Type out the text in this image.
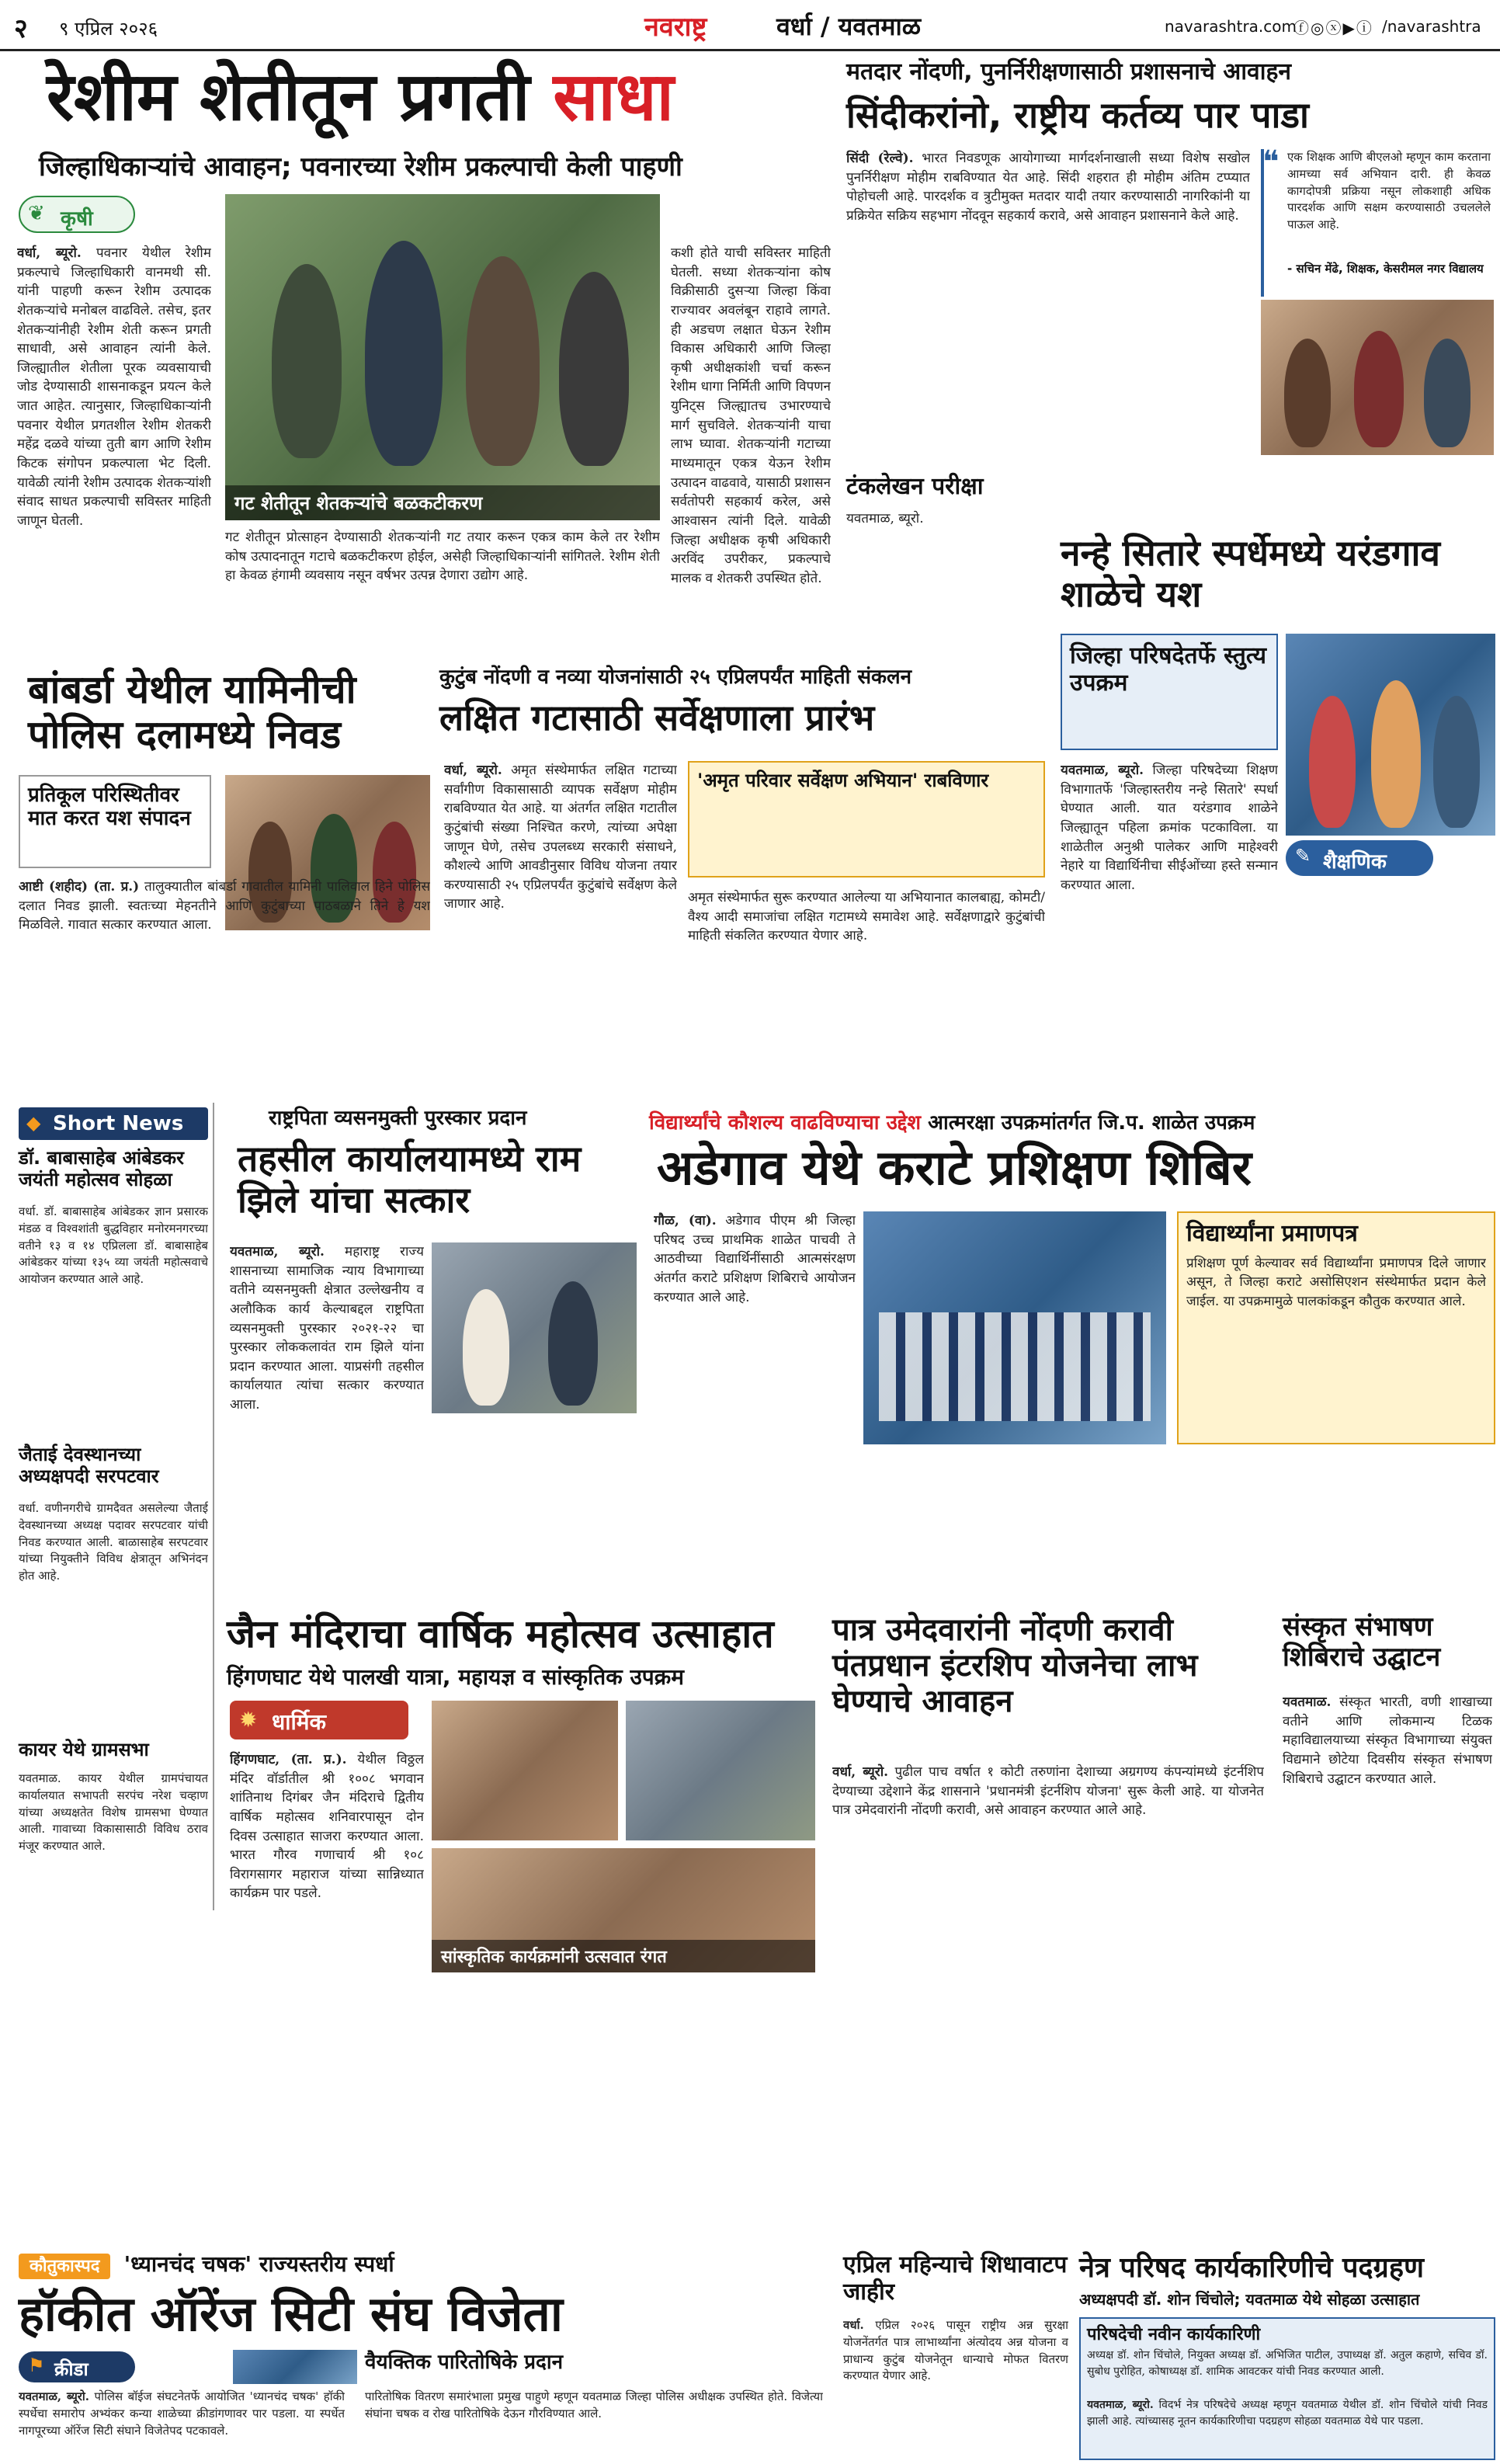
२ ९ एप्रिल २०२६	नवराष्ट्र	वर्धा / यवतमाळ	navarashtra.com
ⓕ◎ⓧ▶ⓘ /navarashtra
रेशीम शेतीतून प्रगती साधा
जिल्हाधिकाऱ्यांचे आवाहन; पवनारच्या रेशीम प्रकल्पाची केली पाहणी
❦ कृषी
वर्धा, ब्यूरो. पवनार येथील रेशीम प्रकल्पाचे जिल्हाधिकारी वानमथी सी. यांनी पाहणी करून रेशीम उत्पादक शेतकऱ्यांचे मनोबल वाढविले. तसेच, इतर शेतकऱ्यांनीही रेशीम शेती करून प्रगती साधावी, असे आवाहन त्यांनी केले. जिल्ह्यातील शेतीला पूरक व्यवसायाची जोड देण्यासाठी शासनाकडून प्रयत्न केले जात आहेत. त्यानुसार, जिल्हाधिकाऱ्यांनी पवनार येथील प्रगतशील रेशीम शेतकरी महेंद्र दळवे यांच्या तुती बाग आणि रेशीम किटक संगोपन प्रकल्पाला भेट दिली. यावेळी त्यांनी रेशीम उत्पादक शेतकऱ्यांशी संवाद साधत प्रकल्पाची सविस्तर माहिती जाणून घेतली.
गट शेतीतून शेतकऱ्यांचे बळकटीकरण
गट शेतीतून प्रोत्साहन देण्यासाठी शेतकऱ्यांनी गट तयार करून एकत्र काम केले तर रेशीम कोष उत्पादनातून गटाचे बळकटीकरण होईल, असेही जिल्हाधिकाऱ्यांनी सांगितले. रेशीम शेती हा केवळ हंगामी व्यवसाय नसून वर्षभर उत्पन्न देणारा उद्योग आहे.
कशी होते याची सविस्तर माहिती घेतली. सध्या शेतकऱ्यांना कोष विक्रीसाठी दुसऱ्या जिल्हा किंवा राज्यावर अवलंबून राहावे लागते. ही अडचण लक्षात घेऊन रेशीम विकास अधिकारी आणि जिल्हा कृषी अधीक्षकांशी चर्चा करून रेशीम धागा निर्मिती आणि विपणन युनिट्स जिल्ह्यातच उभारण्याचे मार्ग सुचविले. शेतकऱ्यांनी याचा लाभ घ्यावा. शेतकऱ्यांनी गटाच्या माध्यमातून एकत्र येऊन रेशीम उत्पादन वाढवावे, यासाठी प्रशासन सर्वतोपरी सहकार्य करेल, असे आश्वासन त्यांनी दिले. यावेळी जिल्हा अधीक्षक कृषी अधिकारी अरविंद उपरीकर, प्रकल्पाचे मालक व शेतकरी उपस्थित होते.
मतदार नोंदणी, पुनर्निरीक्षणासाठी प्रशासनाचे आवाहन
सिंदीकरांनो, राष्ट्रीय कर्तव्य पार पाडा
सिंदी (रेल्वे). भारत निवडणूक आयोगाच्या मार्गदर्शनाखाली सध्या विशेष सखोल पुनर्निरीक्षण मोहीम राबविण्यात येत आहे. सिंदी शहरात ही मोहीम अंतिम टप्प्यात पोहोचली आहे. पारदर्शक व त्रुटीमुक्त मतदार यादी तयार करण्यासाठी नागरिकांनी या प्रक्रियेत सक्रिय सहभाग नोंदवून सहकार्य करावे, असे आवाहन प्रशासनाने केले आहे.
❝ एक शिक्षक आणि बीएलओ म्हणून काम करताना आमच्या सर्व अभियान दारी. ही केवळ कागदोपत्री प्रक्रिया नसून लोकशाही अधिक पारदर्शक आणि सक्षम करण्यासाठी उचललेले पाऊल आहे.
- सचिन मेंढे, शिक्षक, केसरीमल नगर विद्यालय
टंकलेखन परीक्षा
यवतमाळ, ब्यूरो.
नन्हे सितारे स्पर्धेमध्ये यरंडगाव शाळेचे यश
जिल्हा परिषदेतर्फे स्तुत्य उपक्रम
✎ शैक्षणिक
यवतमाळ, ब्यूरो. जिल्हा परिषदेच्या शिक्षण विभागातर्फे 'जिल्हास्तरीय नन्हे सितारे' स्पर्धा घेण्यात आली. यात यरंडगाव शाळेने जिल्ह्यातून पहिला क्रमांक पटकाविला. या शाळेतील अनुश्री पालेकर आणि माहेश्वरी नेहारे या विद्यार्थिनीचा सीईओंच्या हस्ते सन्मान करण्यात आला.
बांबर्डा येथील यामिनीची पोलिस दलामध्ये निवड
प्रतिकूल परिस्थितीवर मात करत यश संपादन
आष्टी (शहीद) (ता. प्र.) तालुक्यातील बांबर्डा गावातील यामिनी पालिवाल हिने पोलिस दलात निवड झाली. स्वतःच्या मेहनतीने आणि कुटुंबाच्या पाठबळाने तिने हे यश मिळविले. गावात सत्कार करण्यात आला.
कुटुंब नोंदणी व नव्या योजनांसाठी २५ एप्रिलपर्यंत माहिती संकलन
लक्षित गटासाठी सर्वेक्षणाला प्रारंभ
वर्धा, ब्यूरो. अमृत संस्थेमार्फत लक्षित गटाच्या सर्वांगीण विकासासाठी व्यापक सर्वेक्षण मोहीम राबविण्यात येत आहे. या अंतर्गत लक्षित गटातील कुटुंबांची संख्या निश्चित करणे, त्यांच्या अपेक्षा जाणून घेणे, तसेच उपलब्ध्य सरकारी संसाधने, कौशल्ये आणि आवडीनुसार विविध योजना तयार करण्यासाठी २५ एप्रिलपर्यंत कुटुंबांचे सर्वेक्षण केले जाणार आहे.
'अमृत परिवार सर्वेक्षण अभियान' राबविणार
अमृत संस्थेमार्फत सुरू करण्यात आलेल्या या अभियानात कालबाह्य, कोमटी/वैश्य आदी समाजांचा लक्षित गटामध्ये समावेश आहे. सर्वेक्षणाद्वारे कुटुंबांची माहिती संकलित करण्यात येणार आहे.
◆ Short News
डॉ. बाबासाहेब आंबेडकर जयंती महोत्सव सोहळा
वर्धा. डॉ. बाबासाहेब आंबेडकर ज्ञान प्रसारक मंडळ व विश्वशांती बुद्धविहार मनोरमनगरच्या वतीने १३ व १४ एप्रिलला डॉ. बाबासाहेब आंबेडकर यांच्या १३५ व्या जयंती महोत्सवाचे आयोजन करण्यात आले आहे.
जैताई देवस्थानच्या अध्यक्षपदी सरपटवार
वर्धा. वणीनगरीचे ग्रामदैवत असलेल्या जैताई देवस्थानच्या अध्यक्ष पदावर सरपटवार यांची निवड करण्यात आली. बाळासाहेब सरपटवार यांच्या नियुक्तीने विविध क्षेत्रातून अभिनंदन होत आहे.
कायर येथे ग्रामसभा
यवतमाळ. कायर येथील ग्रामपंचायत कार्यालयात सभापती सरपंच नरेश चव्हाण यांच्या अध्यक्षतेत विशेष ग्रामसभा घेण्यात आली. गावाच्या विकासासाठी विविध ठराव मंजूर करण्यात आले.
राष्ट्रपिता व्यसनमुक्ती पुरस्कार प्रदान
तहसील कार्यालयामध्ये राम झिले यांचा सत्कार
यवतमाळ, ब्यूरो. महाराष्ट्र राज्य शासनाच्या सामाजिक न्याय विभागाच्या वतीने व्यसनमुक्ती क्षेत्रात उल्लेखनीय व अलौकिक कार्य केल्याबद्दल राष्ट्रपिता व्यसनमुक्ती पुरस्कार २०२१-२२ चा पुरस्कार लोककलावंत राम झिले यांना प्रदान करण्यात आला. याप्रसंगी तहसील कार्यालयात त्यांचा सत्कार करण्यात आला.
विद्यार्थ्यांचे कौशल्य वाढविण्याचा उद्देश आत्मरक्षा उपक्रमांतर्गत जि.प. शाळेत उपक्रम
अडेगाव येथे कराटे प्रशिक्षण शिबिर
गौळ, (वा). अडेगाव पीएम श्री जिल्हा परिषद उच्च प्राथमिक शाळेत पाचवी ते आठवीच्या विद्यार्थिनींसाठी आत्मसंरक्षण अंतर्गत कराटे प्रशिक्षण शिबिराचे आयोजन करण्यात आले आहे.
विद्यार्थ्यांना प्रमाणपत्र
प्रशिक्षण पूर्ण केल्यावर सर्व विद्यार्थ्यांना प्रमाणपत्र दिले जाणार असून, ते जिल्हा कराटे असोसिएशन संस्थेमार्फत प्रदान केले जाईल. या उपक्रमामुळे पालकांकडून कौतुक करण्यात आले.
जैन मंदिराचा वार्षिक महोत्सव उत्साहात
हिंगणघाट येथे पालखी यात्रा, महायज्ञ व सांस्कृतिक उपक्रम
✹ धार्मिक
हिंगणघाट, (ता. प्र.). येथील विठ्ठल मंदिर वॉर्डातील श्री १००८ भगवान शांतिनाथ दिगंबर जैन मंदिराचे द्वितीय वार्षिक महोत्सव शनिवारपासून दोन दिवस उत्साहात साजरा करण्यात आला. भारत गौरव गणाचार्य श्री १०८ विरागसागर महाराज यांच्या सान्निध्यात कार्यक्रम पार पडले.
सांस्कृतिक कार्यक्रमांनी उत्सवात रंगत
पात्र उमेदवारांनी नोंदणी करावी पंतप्रधान इंटरशिप योजनेचा लाभ घेण्याचे आवाहन
वर्धा, ब्यूरो. पुढील पाच वर्षात १ कोटी तरुणांना देशाच्या अग्रगण्य कंपन्यांमध्ये इंटर्नशिप देण्याच्या उद्देशाने केंद्र शासनाने 'प्रधानमंत्री इंटर्नशिप योजना' सुरू केली आहे. या योजनेत पात्र उमेदवारांनी नोंदणी करावी, असे आवाहन करण्यात आले आहे.
संस्कृत संभाषण शिबिराचे उद्घाटन
यवतमाळ. संस्कृत भारती, वणी शाखाच्या वतीने आणि लोकमान्य टिळक महाविद्यालयाच्या संस्कृत विभागाच्या संयुक्त विद्यमाने छोटेया दिवसीय संस्कृत संभाषण शिबिराचे उद्घाटन करण्यात आले.
कौतुकास्पद 'ध्यानचंद चषक' राज्यस्तरीय स्पर्धा
हॉकीत ऑरेंज सिटी संघ विजेता
⚑ क्रीडा
यवतमाळ, ब्यूरो. पोलिस बॉईज संघटनेतर्फे आयोजित 'ध्यानचंद चषक' हॉकी स्पर्धेचा समारोप अभ्यंकर कन्या शाळेच्या क्रीडांगणावर पार पडला. या स्पर्धेत नागपूरच्या ऑरेंज सिटी संघाने विजेतेपद पटकावले.
वैयक्तिक पारितोषिके प्रदान
पारितोषिक वितरण समारंभाला प्रमुख पाहुणे म्हणून यवतमाळ जिल्हा पोलिस अधीक्षक उपस्थित होते. विजेत्या संघांना चषक व रोख पारितोषिके देऊन गौरविण्यात आले.
एप्रिल महिन्याचे शिधावाटप जाहीर
वर्धा. एप्रिल २०२६ पासून राष्ट्रीय अन्न सुरक्षा योजनेंतर्गत पात्र लाभार्थ्यांना अंत्योदय अन्न योजना व प्राधान्य कुटुंब योजनेतून धान्याचे मोफत वितरण करण्यात येणार आहे.
नेत्र परिषद कार्यकारिणीचे पदग्रहण
अध्यक्षपदी डॉ. शोन चिंचोले; यवतमाळ येथे सोहळा उत्साहात
परिषदेची नवीन कार्यकारिणी
अध्यक्ष डॉ. शोन चिंचोले, नियुक्त अध्यक्ष डॉ. अभिजित पाटील, उपाध्यक्ष डॉ. अतुल कहाणे, सचिव डॉ. सुबोध पुरोहित, कोषाध्यक्ष डॉ. शामिक आवटकर यांची निवड करण्यात आली.
यवतमाळ, ब्यूरो. विदर्भ नेत्र परिषदेचे अध्यक्ष म्हणून यवतमाळ येथील डॉ. शोन चिंचोले यांची निवड झाली आहे. त्यांच्यासह नूतन कार्यकारिणीचा पदग्रहण सोहळा यवतमाळ येथे पार पडला.
